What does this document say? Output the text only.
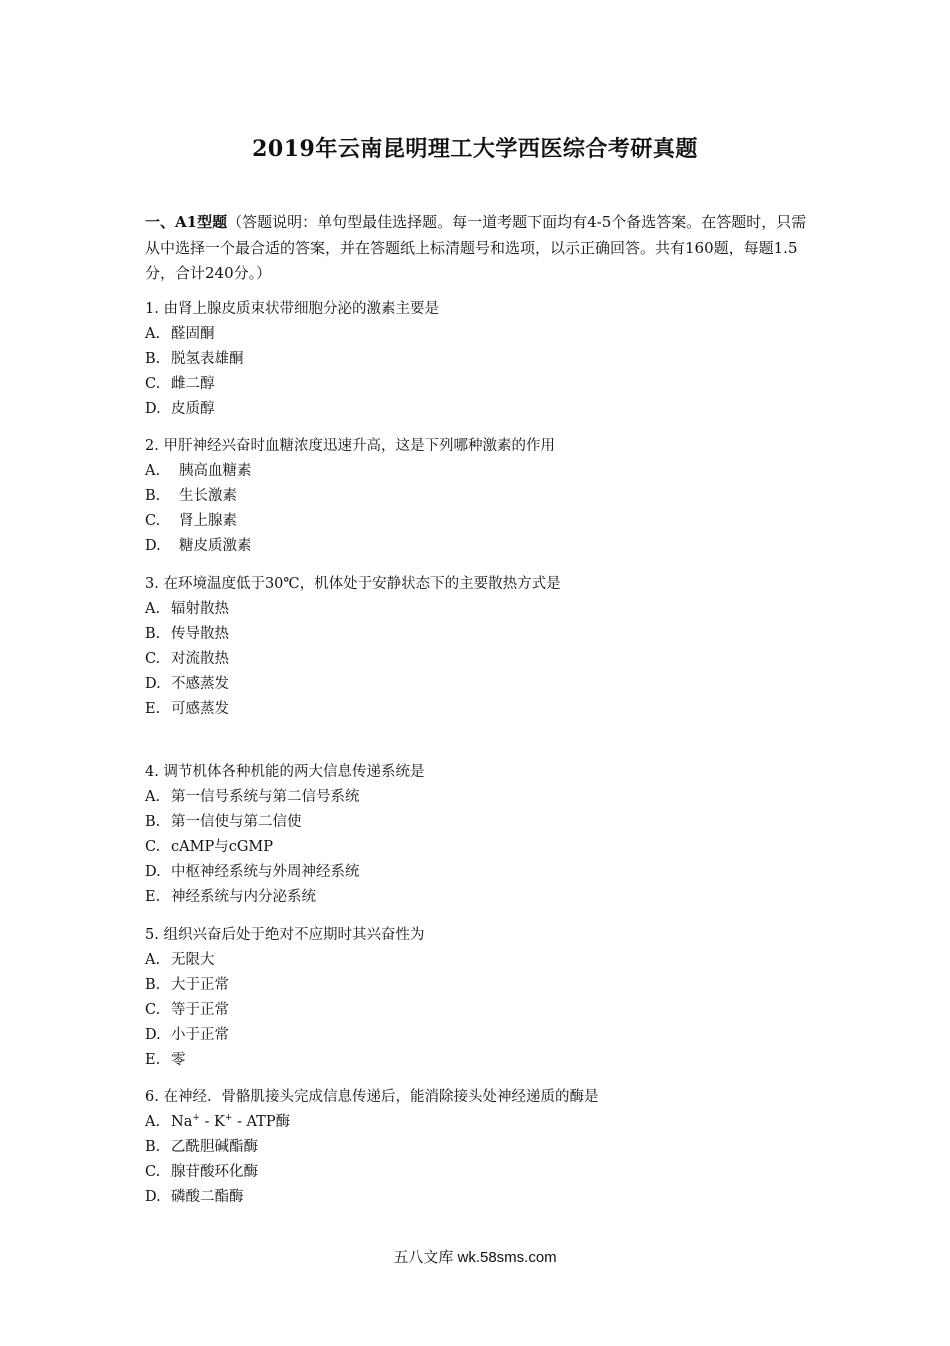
2019年云南昆明理工大学西医综合考研真题
一、A1型题（答题说明：单句型最佳选择题。每一道考题下面均有4-5个备选答案。在答题时，只需从中选择一个最合适的答案，并在答题纸上标清题号和选项，以示正确回答。共有160题，每题1.5分，合计240分。）
1. 由肾上腺皮质束状带细胞分泌的激素主要是
A. 醛固酮
B. 脱氢表雄酮
C. 雌二醇
D. 皮质醇
2. 甲肝神经兴奋时血糖浓度迅速升高，这是下列哪种激素的作用
A. 胰高血糖素
B. 生长激素
C. 肾上腺素
D. 糖皮质激素
3. 在环境温度低于30℃，机体处于安静状态下的主要散热方式是
A. 辐射散热
B. 传导散热
C. 对流散热
D. 不感蒸发
E. 可感蒸发
4. 调节机体各种机能的两大信息传递系统是
A. 第一信号系统与第二信号系统
B. 第一信使与第二信使
C. cAMP与cGMP
D. 中枢神经系统与外周神经系统
E. 神经系统与内分泌系统
5. 组织兴奋后处于绝对不应期时其兴奋性为
A. 无限大
B. 大于正常
C. 等于正常
D. 小于正常
E. 零
6. 在神经．骨骼肌接头完成信息传递后，能消除接头处神经递质的酶是
A. Na+ - K+ - ATP酶
B. 乙酰胆碱酯酶
C. 腺苷酸环化酶
D. 磷酸二酯酶
五八文库 wk.58sms.com
